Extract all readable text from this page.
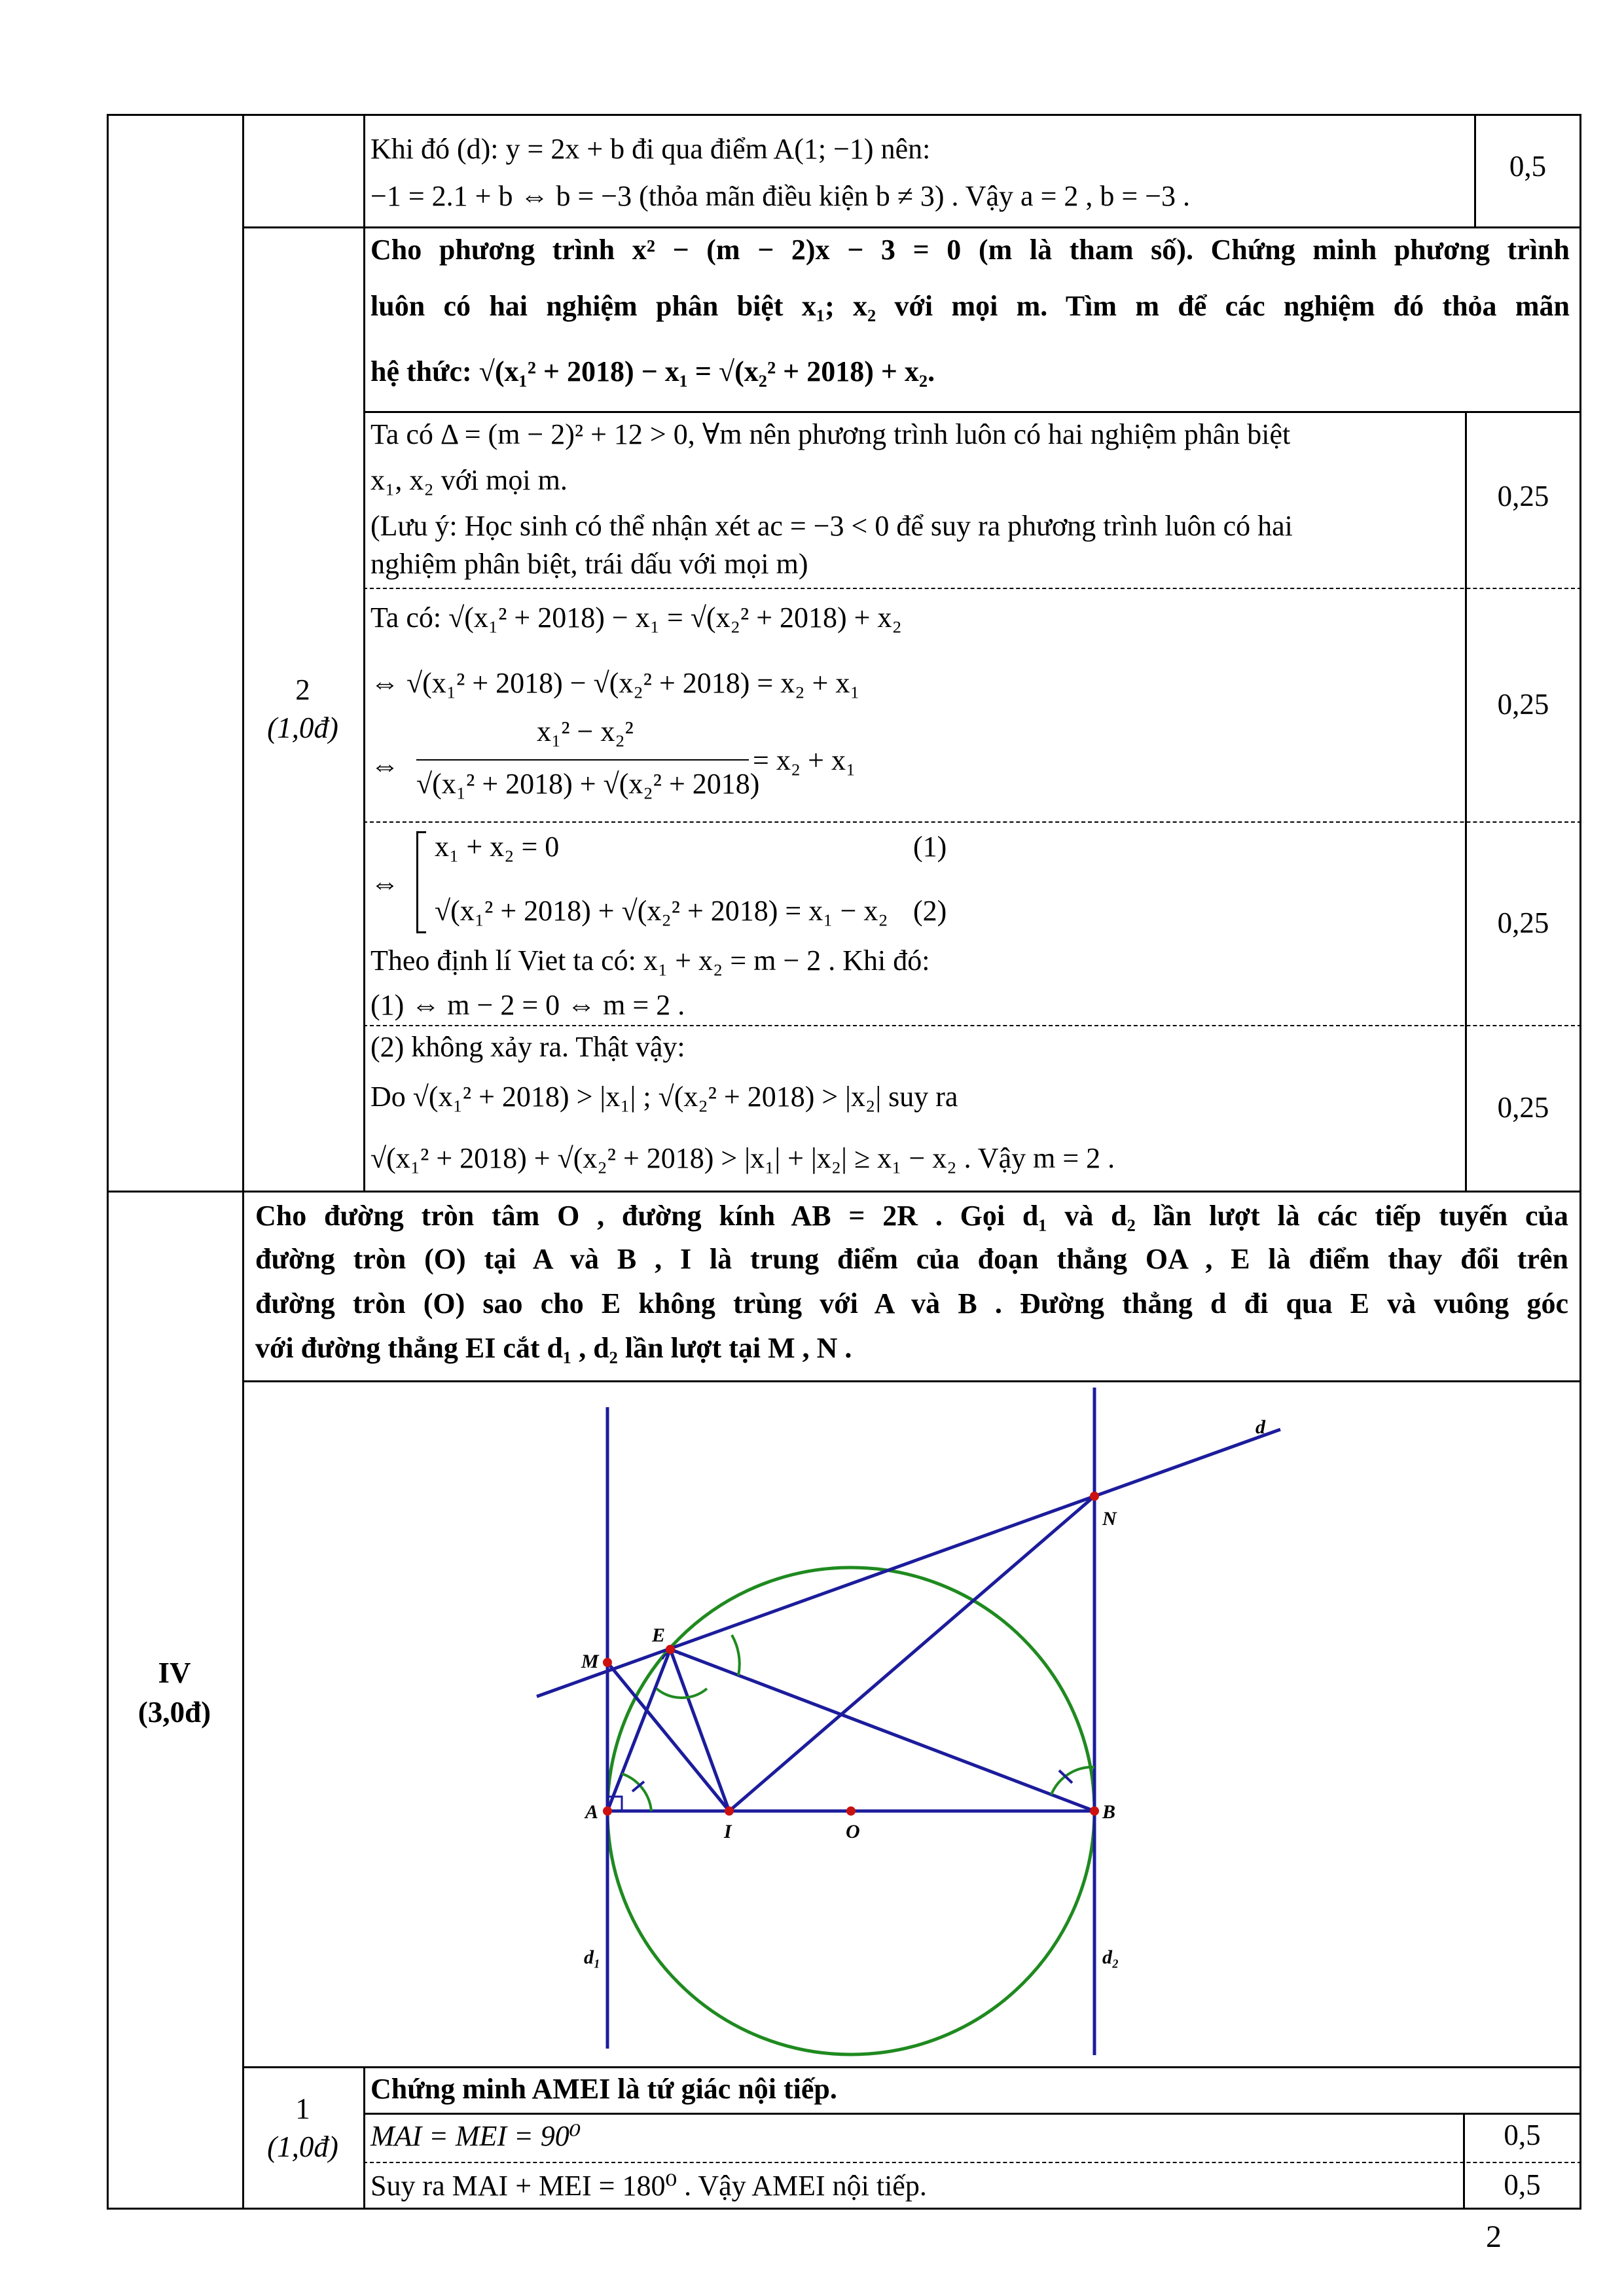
Khi đó (d): y = 2x + b đi qua điểm A(1; −1) nên:
−1 = 2.1 + b ⇔ b = −3 (thỏa mãn điều kiện b ≠ 3) . Vậy a = 2 , b = −3 .
0,5
Cho phương trình x² − (m − 2)x − 3 = 0 (m là tham số). Chứng minh phương trình
luôn có hai nghiệm phân biệt x₁; x₂ với mọi m. Tìm m để các nghiệm đó thỏa mãn
hệ thức: √(x₁² + 2018) − x₁ = √(x₂² + 2018) + x₂.
2
(1,0đ)
Ta có Δ = (m − 2)² + 12 > 0, ∀m nên phương trình luôn có hai nghiệm phân biệt
x₁, x₂ với mọi m.
(Lưu ý: Học sinh có thể nhận xét ac = −3 < 0 để suy ra phương trình luôn có hai
nghiệm phân biệt, trái dấu với mọi m)
0,25
Ta có: √(x₁² + 2018) − x₁ = √(x₂² + 2018) + x₂
⇔ √(x₁² + 2018) − √(x₂² + 2018) = x₂ + x₁
⇔
x₁² − x₂²
√(x₁² + 2018) + √(x₂² + 2018)
= x₂ + x₁
0,25
⇔
x₁ + x₂ = 0	(1)
√(x₁² + 2018) + √(x₂² + 2018) = x₁ − x₂ (2)
Theo định lí Viet ta có: x₁ + x₂ = m − 2 . Khi đó:
(1) ⇔ m − 2 = 0 ⇔ m = 2 .
0,25
(2) không xảy ra. Thật vậy:
Do √(x₁² + 2018) > |x₁| ; √(x₂² + 2018) > |x₂| suy ra
√(x₁² + 2018) + √(x₂² + 2018) > |x₁| + |x₂| ≥ x₁ − x₂ . Vậy m = 2 .
0,25
IV
(3,0đ)
Cho đường tròn tâm O , đường kính AB = 2R . Gọi d₁ và d₂ lần lượt là các tiếp tuyến của
đường tròn (O) tại A và B , I là trung điểm của đoạn thẳng OA , E là điểm thay đổi trên
đường tròn (O) sao cho E không trùng với A và B . Đường thẳng d đi qua E và vuông góc
với đường thẳng EI cắt d₁ , d₂ lần lượt tại M , N .
d
N
E
M
A
I	O
B
d₁	d₂
1
(1,0đ)
Chứng minh AMEI là tứ giác nội tiếp.
MAI = MEI = 90⁰	0,5
Suy ra MAI + MEI = 180⁰ . Vậy AMEI nội tiếp.	0,5
2
